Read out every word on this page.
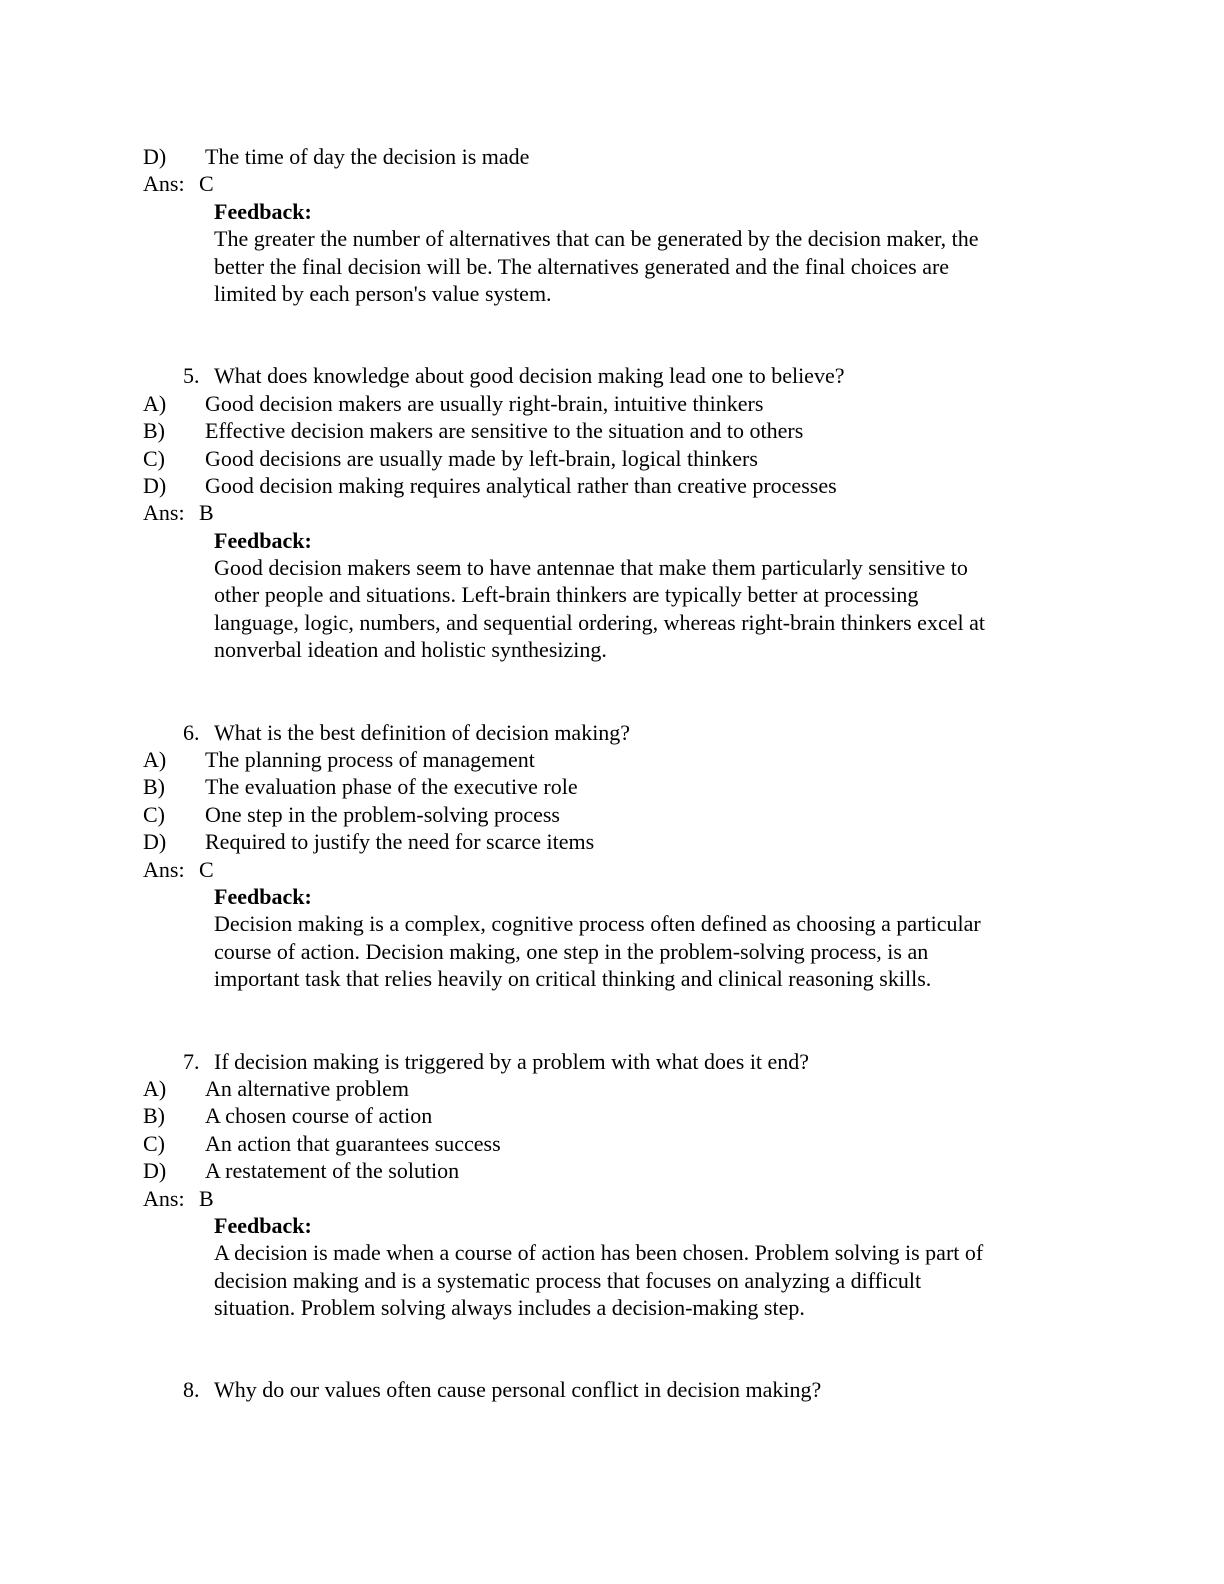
D) The time of day the decision is made
Ans: C
Feedback:
The greater the number of alternatives that can be generated by the decision maker, the
better the final decision will be. The alternatives generated and the final choices are
limited by each person's value system.
5. What does knowledge about good decision making lead one to believe?
A) Good decision makers are usually right-brain, intuitive thinkers
B) Effective decision makers are sensitive to the situation and to others
C) Good decisions are usually made by left-brain, logical thinkers
D) Good decision making requires analytical rather than creative processes
Ans: B
Feedback:
Good decision makers seem to have antennae that make them particularly sensitive to
other people and situations. Left-brain thinkers are typically better at processing
language, logic, numbers, and sequential ordering, whereas right-brain thinkers excel at
nonverbal ideation and holistic synthesizing.
6. What is the best definition of decision making?
A) The planning process of management
B) The evaluation phase of the executive role
C) One step in the problem-solving process
D) Required to justify the need for scarce items
Ans: C
Feedback:
Decision making is a complex, cognitive process often defined as choosing a particular
course of action. Decision making, one step in the problem-solving process, is an
important task that relies heavily on critical thinking and clinical reasoning skills.
7. If decision making is triggered by a problem with what does it end?
A) An alternative problem
B) A chosen course of action
C) An action that guarantees success
D) A restatement of the solution
Ans: B
Feedback:
A decision is made when a course of action has been chosen. Problem solving is part of
decision making and is a systematic process that focuses on analyzing a difficult
situation. Problem solving always includes a decision-making step.
8. Why do our values often cause personal conflict in decision making?
